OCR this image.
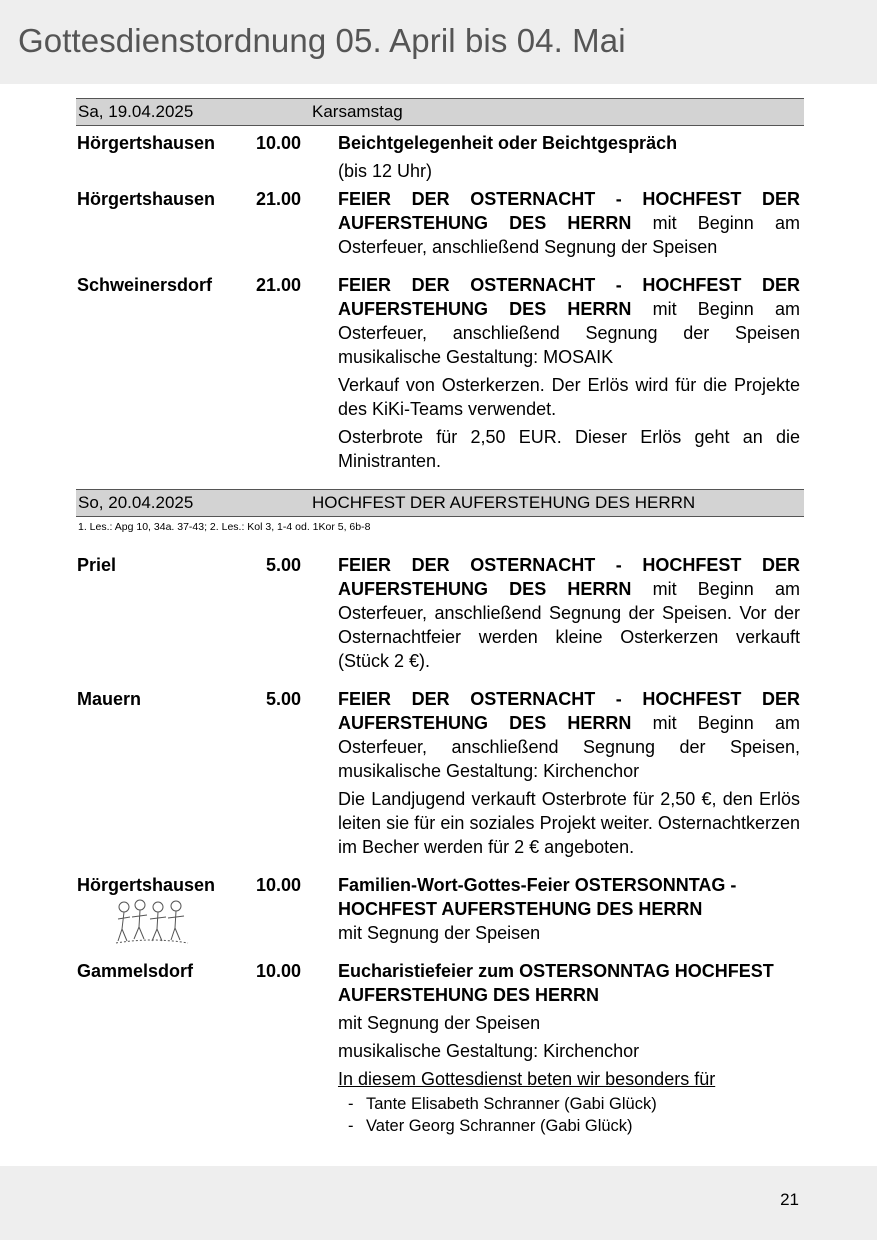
Gottesdienstordnung 05. April bis 04. Mai
Sa, 19.04.2025	Karsamstag
Hörgertshausen	10.00 Beichtgelegenheit oder Beichtgespräch

(bis 12 Uhr)

Hörgertshausen	21.00 FEIER DER OSTERNACHT - HOCHFEST DER AUFERSTEHUNG DES HERRN mit Beginn am Osterfeuer, anschließend Segnung der Speisen

Schweinersdorf	21.00 FEIER DER OSTERNACHT - HOCHFEST DER AUFERSTEHUNG DES HERRN mit Beginn am Osterfeuer, anschließend Segnung der Speisen musikalische Gestaltung: MOSAIK

Verkauf von Osterkerzen. Der Erlös wird für die Projekte des KiKi-Teams verwendet.

Osterbrote für 2,50 EUR. Dieser Erlös geht an die Ministranten.

So, 20.04.2025	HOCHFEST DER AUFERSTEHUNG DES HERRN
1. Les.: Apg 10, 34a. 37-43; 2. Les.: Kol 3, 1-4 od. 1Kor 5, 6b-8
Priel	5.00 FEIER DER OSTERNACHT - HOCHFEST DER AUFERSTEHUNG DES HERRN mit Beginn am Osterfeuer, anschließend Segnung der Speisen. Vor der Osternachtfeier werden kleine Osterkerzen verkauft (Stück 2 €).

Mauern	5.00 FEIER DER OSTERNACHT - HOCHFEST DER AUFERSTEHUNG DES HERRN mit Beginn am Osterfeuer, anschließend Segnung der Speisen, musikalische Gestaltung: Kirchenchor

Die Landjugend verkauft Osterbrote für 2,50 €, den Erlös leiten sie für ein soziales Projekt weiter. Osternachtkerzen im Becher werden für 2 € angeboten.

Hörgertshausen	10.00 Familien-Wort-Gottes-Feier OSTERSONNTAG - HOCHFEST AUFERSTEHUNG DES HERRN

mit Segnung der Speisen

Gammelsdorf	10.00 Eucharistiefeier zum OSTERSONNTAG HOCHFEST AUFERSTEHUNG DES HERRN

mit Segnung der Speisen

musikalische Gestaltung: Kirchenchor

In diesem Gottesdienst beten wir besonders für

- Tante Elisabeth Schranner (Gabi Glück)
- Vater Georg Schranner (Gabi Glück)
21
